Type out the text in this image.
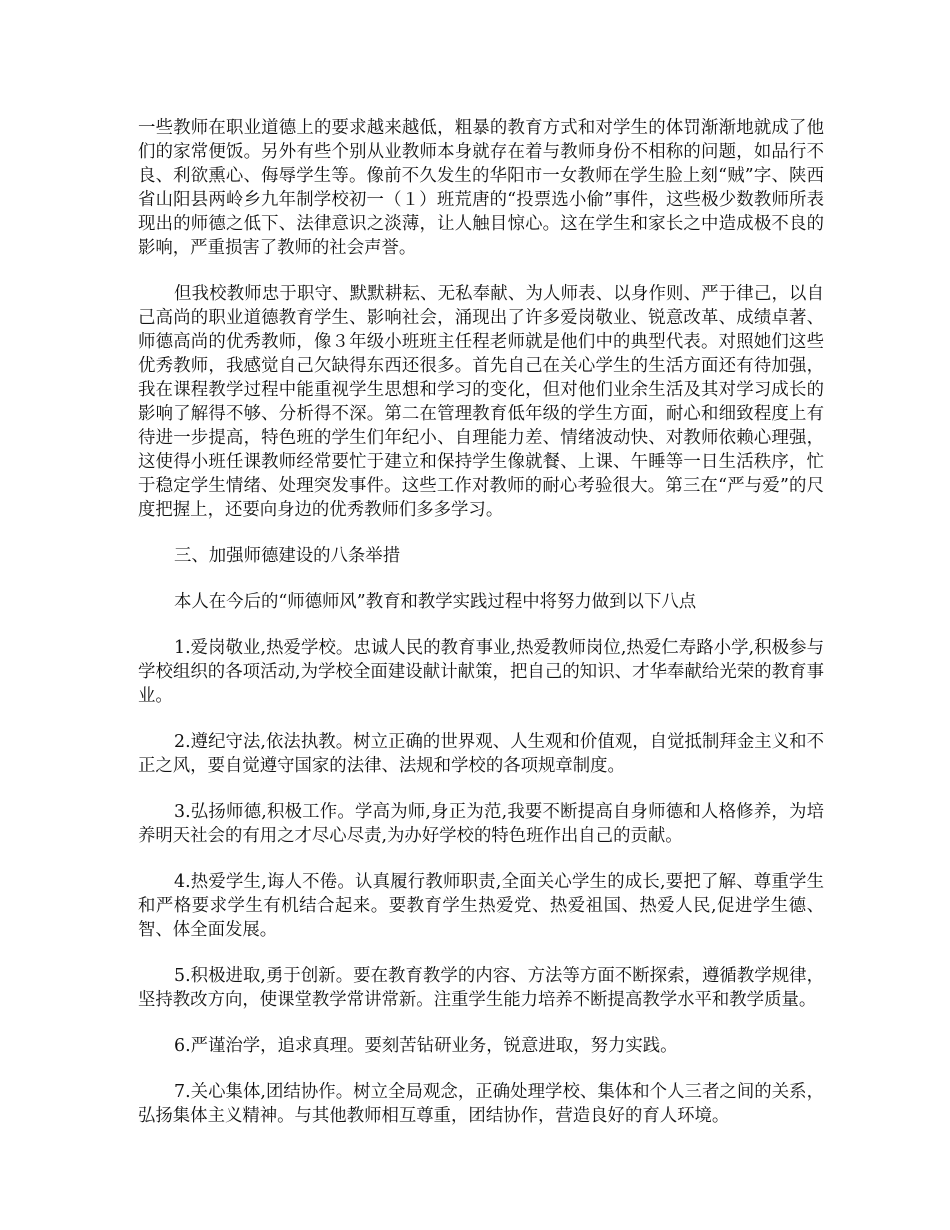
一些教师在职业道德上的要求越来越低，粗暴的教育方式和对学生的体罚渐渐地就成了他们的家常便饭。另外有些个别从业教师本身就存在着与教师身份不相称的问题，如品行不良、利欲熏心、侮辱学生等。像前不久发生的华阳市一女教师在学生脸上刻“贼”字、陕西省山阳县两岭乡九年制学校初一（１）班荒唐的“投票选小偷”事件，这些极少数教师所表现出的师德之低下、法律意识之淡薄，让人触目惊心。这在学生和家长之中造成极不良的影响，严重损害了教师的社会声誉。

但我校教师忠于职守、默默耕耘、无私奉献、为人师表、以身作则、严于律己，以自己高尚的职业道德教育学生、影响社会，涌现出了许多爱岗敬业、锐意改革、成绩卓著、师德高尚的优秀教师，像３年级小班班主任程老师就是他们中的典型代表。对照她们这些优秀教师，我感觉自己欠缺得东西还很多。首先自己在关心学生的生活方面还有待加强，我在课程教学过程中能重视学生思想和学习的变化，但对他们业余生活及其对学习成长的影响了解得不够、分析得不深。第二在管理教育低年级的学生方面，耐心和细致程度上有待进一步提高，特色班的学生们年纪小、自理能力差、情绪波动快、对教师依赖心理强，这使得小班任课教师经常要忙于建立和保持学生像就餐、上课、午睡等一日生活秩序，忙于稳定学生情绪、处理突发事件。这些工作对教师的耐心考验很大。第三在“严与爱”的尺度把握上，还要向身边的优秀教师们多多学习。

三、加强师德建设的八条举措

本人在今后的“师德师风”教育和教学实践过程中将努力做到以下八点

1.爱岗敬业,热爱学校。忠诚人民的教育事业,热爱教师岗位,热爱仁寿路小学,积极参与学校组织的各项活动,为学校全面建设献计献策，把自己的知识、才华奉献给光荣的教育事业。

2.遵纪守法,依法执教。树立正确的世界观、人生观和价值观，自觉抵制拜金主义和不正之风，要自觉遵守国家的法律、法规和学校的各项规章制度。

3.弘扬师德,积极工作。学高为师,身正为范,我要不断提高自身师德和人格修养，为培养明天社会的有用之才尽心尽责,为办好学校的特色班作出自己的贡献。

4.热爱学生,诲人不倦。认真履行教师职责,全面关心学生的成长,要把了解、尊重学生和严格要求学生有机结合起来。要教育学生热爱党、热爱祖国、热爱人民,促进学生德、智、体全面发展。

5.积极进取,勇于创新。要在教育教学的内容、方法等方面不断探索，遵循教学规律，坚持教改方向，使课堂教学常讲常新。注重学生能力培养不断提高教学水平和教学质量。

6.严谨治学，追求真理。要刻苦钻研业务，锐意进取，努力实践。

7.关心集体,团结协作。树立全局观念，正确处理学校、集体和个人三者之间的关系，弘扬集体主义精神。与其他教师相互尊重，团结协作，营造良好的育人环境。
